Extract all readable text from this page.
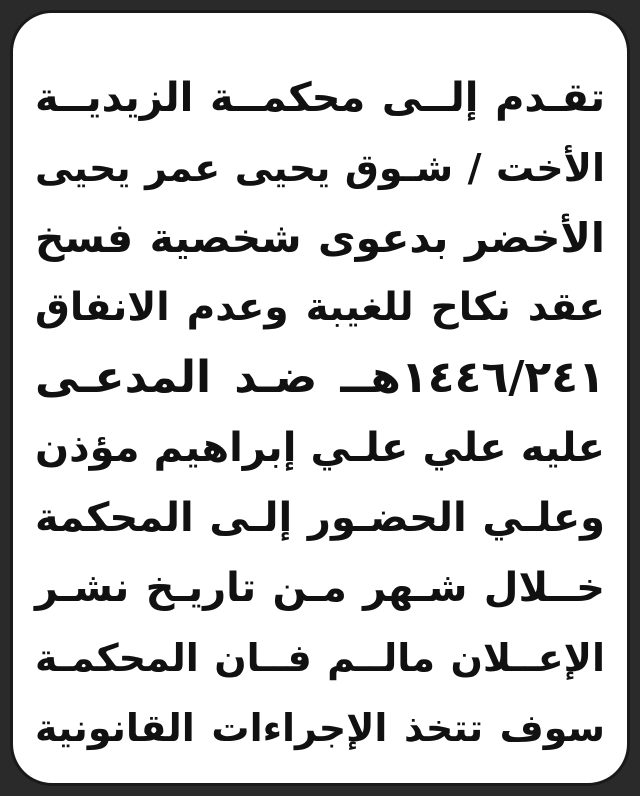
تقـدم إلــى محكمــة الزيديــة
الأخت / شـوق يحيى عمر يحيى
الأخضر بدعوى شخصية فسخ
عقد نكاح للغيبة وعدم الانفاق
١٤٤٦/٢٤١هــ ضـد المدعـى
عليه علي علـي إبراهيم مؤذن
وعلـي الحضـور إلـى المحكمة
خــلال شـهر مـن تاريـخ نشـر
الإعــلان مالــم فــان المحكمـة
سوف تتخذ الإجراءات القانونية
